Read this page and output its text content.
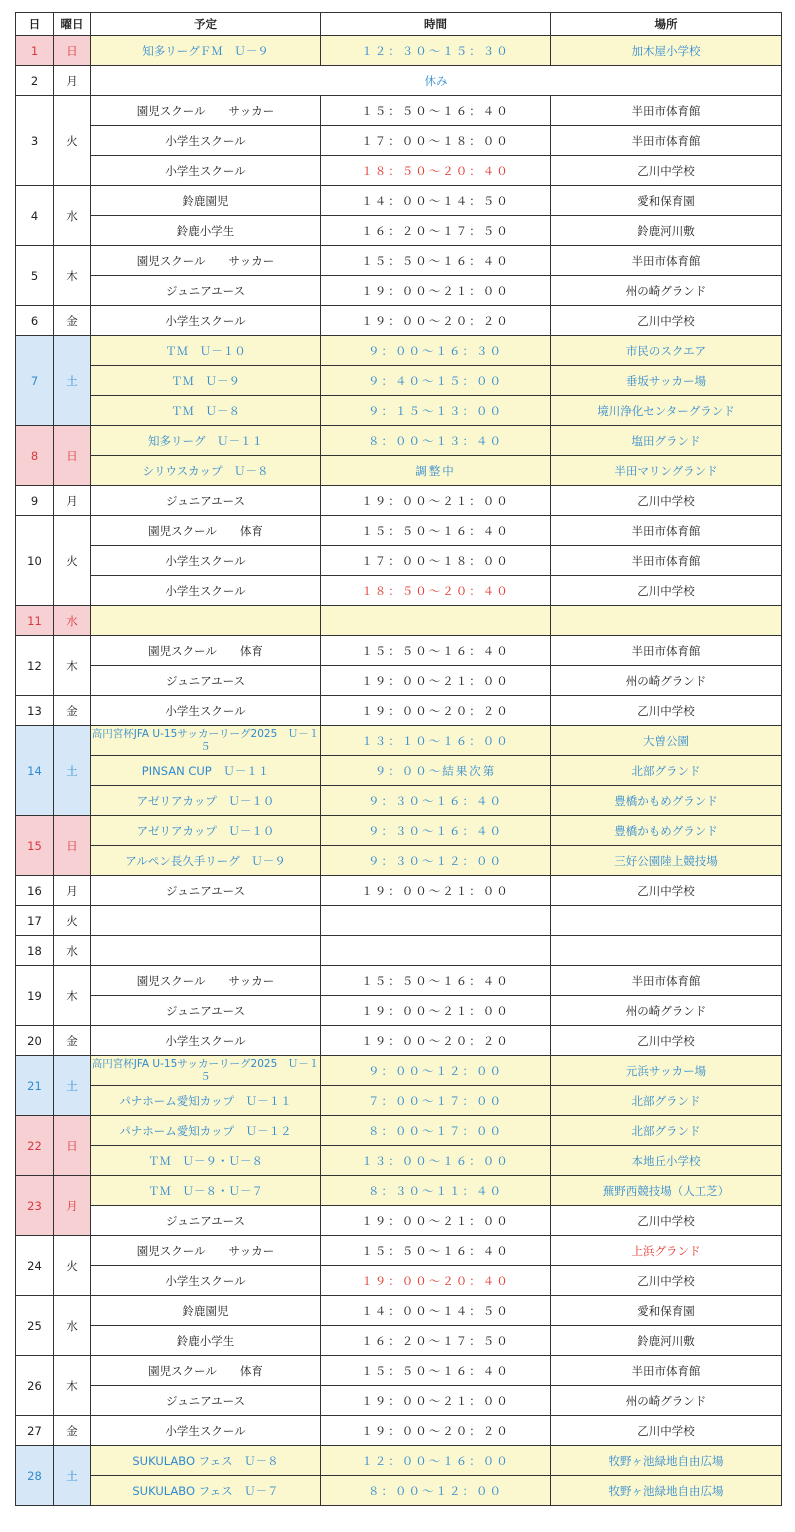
日	曜日	予定	時間	場所
1	日	知多リーグＦＭ　Ｕ－９	１２：３０～１５：３０	加木屋小学校
2	月	休み		
3	火	園児スクール　　サッカー	１５：５０～１６：４０	半田市体育館
		小学生スクール	１７：００～１８：００	半田市体育館
		小学生スクール	１８：５０～２０：４０	乙川中学校
4	水	鈴鹿園児	１４：００～１４：５０	愛和保育園
		鈴鹿小学生	１６：２０～１７：５０	鈴鹿河川敷
5	木	園児スクール　　サッカー	１５：５０～１６：４０	半田市体育館
		ジュニアユース	１９：００～２１：００	州の崎グランド
6	金	小学生スクール	１９：００～２０：２０	乙川中学校
7	土	ＴＭ　Ｕ－１０	９：００～１６：３０	市民のスクエア
		ＴＭ　Ｕ－９	９：４０～１５：００	垂坂サッカー場
		ＴＭ　Ｕ－８	９：１５～１３：００	境川浄化センターグランド
8	日	知多リーグ　Ｕ－１１	８：００～１３：４０	塩田グランド
		シリウスカップ　Ｕ－８	調整中	半田マリングランド
9	月	ジュニアユース	１９：００～２１：００	乙川中学校
10	火	園児スクール　　体育	１５：５０～１６：４０	半田市体育館
		小学生スクール	１７：００～１８：００	半田市体育館
		小学生スクール	１８：５０～２０：４０	乙川中学校
11	水			
12	木	園児スクール　　体育	１５：５０～１６：４０	半田市体育館
		ジュニアユース	１９：００～２１：００	州の崎グランド
13	金	小学生スクール	１９：００～２０：２０	乙川中学校
14	土	高円宮杯JFA U-15サッカーリーグ2025　Ｕ－１５	１３：１０～１６：００	大曽公園
		PINSAN CUP　Ｕ－１１	９：００～結果次第	北部グランド
		アゼリアカップ　Ｕ－１０	９：３０～１６：４０	豊橋かもめグランド
15	日	アゼリアカップ　Ｕ－１０	９：３０～１６：４０	豊橋かもめグランド
		アルペン長久手リーグ　Ｕ－９	９：３０～１２：００	三好公園陸上競技場
16	月	ジュニアユース	１９：００～２１：００	乙川中学校
17	火			
18	水			
19	木	園児スクール　　サッカー	１５：５０～１６：４０	半田市体育館
		ジュニアユース	１９：００～２１：００	州の崎グランド
20	金	小学生スクール	１９：００～２０：２０	乙川中学校
21	土	高円宮杯JFA U-15サッカーリーグ2025　Ｕ－１５	９：００～１２：００	元浜サッカー場
		パナホーム愛知カップ　Ｕ－１１	７：００～１７：００	北部グランド
22	日	パナホーム愛知カップ　Ｕ－１２	８：００～１７：００	北部グランド
		ＴＭ　Ｕ－９・Ｕ－８	１３：００～１６：００	本地丘小学校
23	月	ＴＭ　Ｕ－８・Ｕ－７	８：３０～１１：４０	蕪野西競技場（人工芝）
		ジュニアユース	１９：００～２１：００	乙川中学校
24	火	園児スクール　　サッカー	１５：５０～１６：４０	上浜グランド
		小学生スクール	１９：００～２０：４０	乙川中学校
25	水	鈴鹿園児	１４：００～１４：５０	愛和保育園
		鈴鹿小学生	１６：２０～１７：５０	鈴鹿河川敷
26	木	園児スクール　　体育	１５：５０～１６：４０	半田市体育館
		ジュニアユース	１９：００～２１：００	州の崎グランド
27	金	小学生スクール	１９：００～２０：２０	乙川中学校
28	土	SUKULABO フェス　Ｕ－８	１２：００～１６：００	牧野ヶ池緑地自由広場
		SUKULABO フェス　Ｕ－７	８：００～１２：００	牧野ヶ池緑地自由広場
